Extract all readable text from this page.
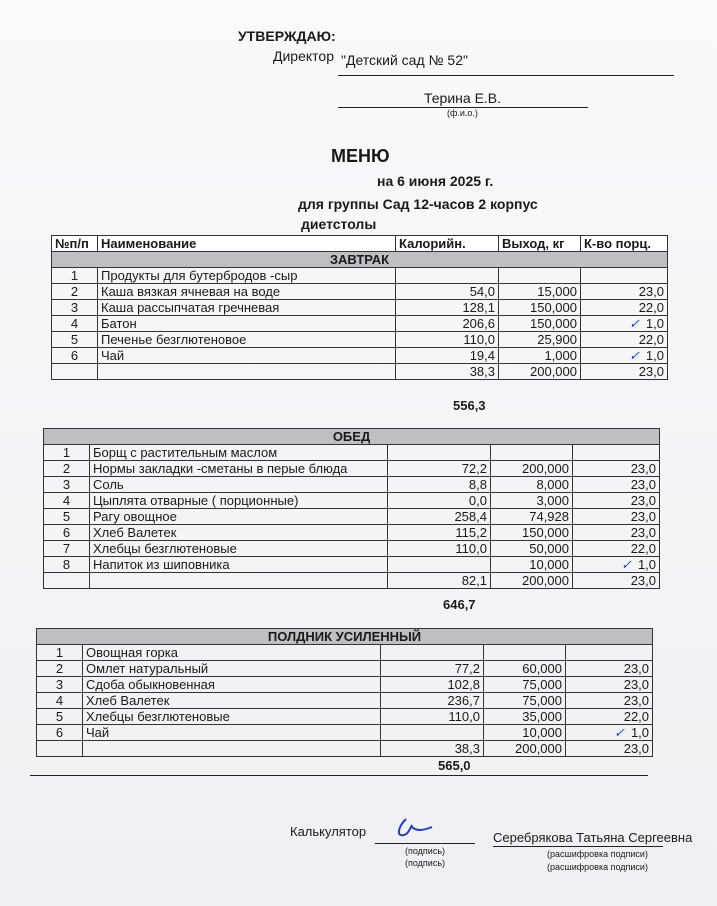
УТВЕРЖДАЮ:
Директор "Детский сад № 52"
Терина Е.В.
(ф.и.о.)
МЕНЮ
на 6 июня 2025 г.
для группы Сад 12-часов 2 корпус
диетстолы
№п/п	Наименование	Калорийн.	Выход, кг	К-во порц.
ЗАВТРАК				
1	Продукты для бутербродов -сыр			
2	Каша вязкая ячневая на воде	54,0	15,000	23,0
3	Каша рассыпчатая гречневая	128,1	150,000	22,0
4	Батон	206,6	150,000	✓ 1,0
5	Печенье безглютеновое	110,0	25,900	22,0
6	Чай	19,4	1,000	✓ 1,0
		38,3	200,000	23,0
556,3
ОБЕД				
1	Борщ с растительным маслом			
2	Нормы закладки -сметаны в перые блюда	72,2	200,000	23,0
3	Соль	8,8	8,000	23,0
4	Цыплята отварные ( порционные)	0,0	3,000	23,0
5	Рагу овощное	258,4	74,928	23,0
6	Хлеб Валетек	115,2	150,000	23,0
7	Хлебцы безглютеновые	110,0	50,000	22,0
8	Напиток из шиповника		10,000	✓ 1,0
		82,1	200,000	23,0
646,7
ПОЛДНИК УСИЛЕННЫЙ				
1	Овощная горка			
2	Омлет натуральный	77,2	60,000	23,0
3	Сдоба обыкновенная	102,8	75,000	23,0
4	Хлеб Валетек	236,7	75,000	23,0
5	Хлебцы безглютеновые	110,0	35,000	22,0
6	Чай		10,000	✓ 1,0
		38,3	200,000	23,0
565,0
Калькулятор
(подпись)
(подпись)
Серебрякова Татьяна Сергеевна
(расшифровка подписи)
(расшифровка подписи)
